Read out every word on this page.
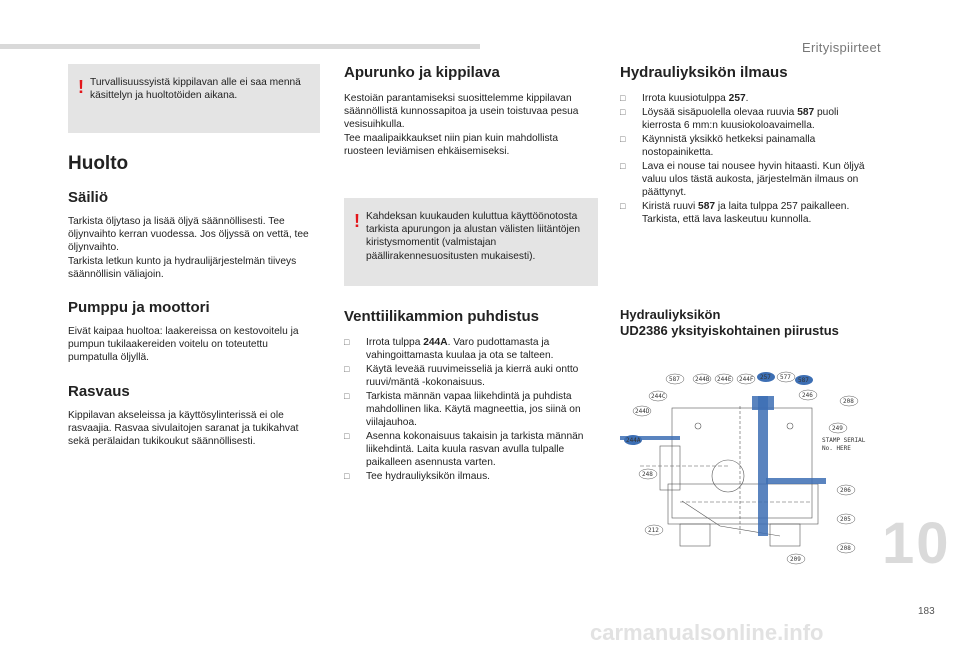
Erityispiirteet
! Turvallisuussyistä kippilavan alle ei saa mennä käsittelyn ja huoltotöiden aikana.
Huolto
Säiliö

Tarkista öljytaso ja lisää öljyä säännöllisesti. Tee öljynvaihto kerran vuodessa. Jos öljyssä on vettä, tee öljynvaihto.
Tarkista letkun kunto ja hydraulijärjestelmän tiiveys säännöllisin väliajoin.

Pumppu ja moottori

Eivät kaipaa huoltoa: laakereissa on kestovoitelu ja pumpun tukilaakereiden voitelu on toteutettu pumpatulla öljyllä.

Rasvaus

Kippilavan akseleissa ja käyttösylinterissä ei ole rasvaajia. Rasvaa sivulaitojen saranat ja tukikahvat sekä perälaidan tukikoukut säännöllisesti.

Apurunko ja kippilava

Kestoiän parantamiseksi suosittelemme kippilavan säännöllistä kunnossapitoa ja usein toistuvaa pesua vesisuihkulla.
Tee maalipaikkaukset niin pian kuin mahdollista ruosteen leviämisen ehkäisemiseksi.

! Kahdeksan kuukauden kuluttua käyttöönotosta tarkista apurungon ja alustan välisten liitäntöjen kiristysmomentit (valmistajan päällirakennesuositusten mukaisesti).
Venttiilikammion puhdistus
□ Irrota tulppa 244A. Varo pudottamasta ja vahingoittamasta kuulaa ja ota se talteen.
□ Käytä leveää ruuvimeisseliä ja kierrä auki ontto ruuvi/mäntä -kokonaisuus.
□ Tarkista männän vapaa liikehdintä ja puhdista mahdollinen lika. Käytä magneettia, jos siinä on viilajauhoa.
□ Asenna kokonaisuus takaisin ja tarkista männän liikehdintä. Laita kuula rasvan avulla tulpalle paikalleen asennusta varten.
□ Tee hydrauliyksikön ilmaus.
Hydrauliyksikön ilmaus
□ Irrota kuusiotulppa 257.
□ Löysää sisäpuolella olevaa ruuvia 587 puoli kierrosta 6 mm:n kuusiokoloavaimella.
□ Käynnistä yksikkö hetkeksi painamalla nostopainiketta.
□ Lava ei nouse tai nousee hyvin hitaasti. Kun öljyä valuu ulos tästä aukosta, järjestelmän ilmaus on päättynyt.
□ Kiristä ruuvi 587 ja laita tulppa 257 paikalleen. Tarkista, että lava laskeutuu kunnolla.
Hydrauliyksikön
UD2386 yksityiskohtainen piirustus
587	244B 244E 244F 257 577 587
244C
244D
246
208
244A
249
248
212
209
208
205
206
STAMP SERIAL
No. HERE
10
183
carmanualsonline.info
